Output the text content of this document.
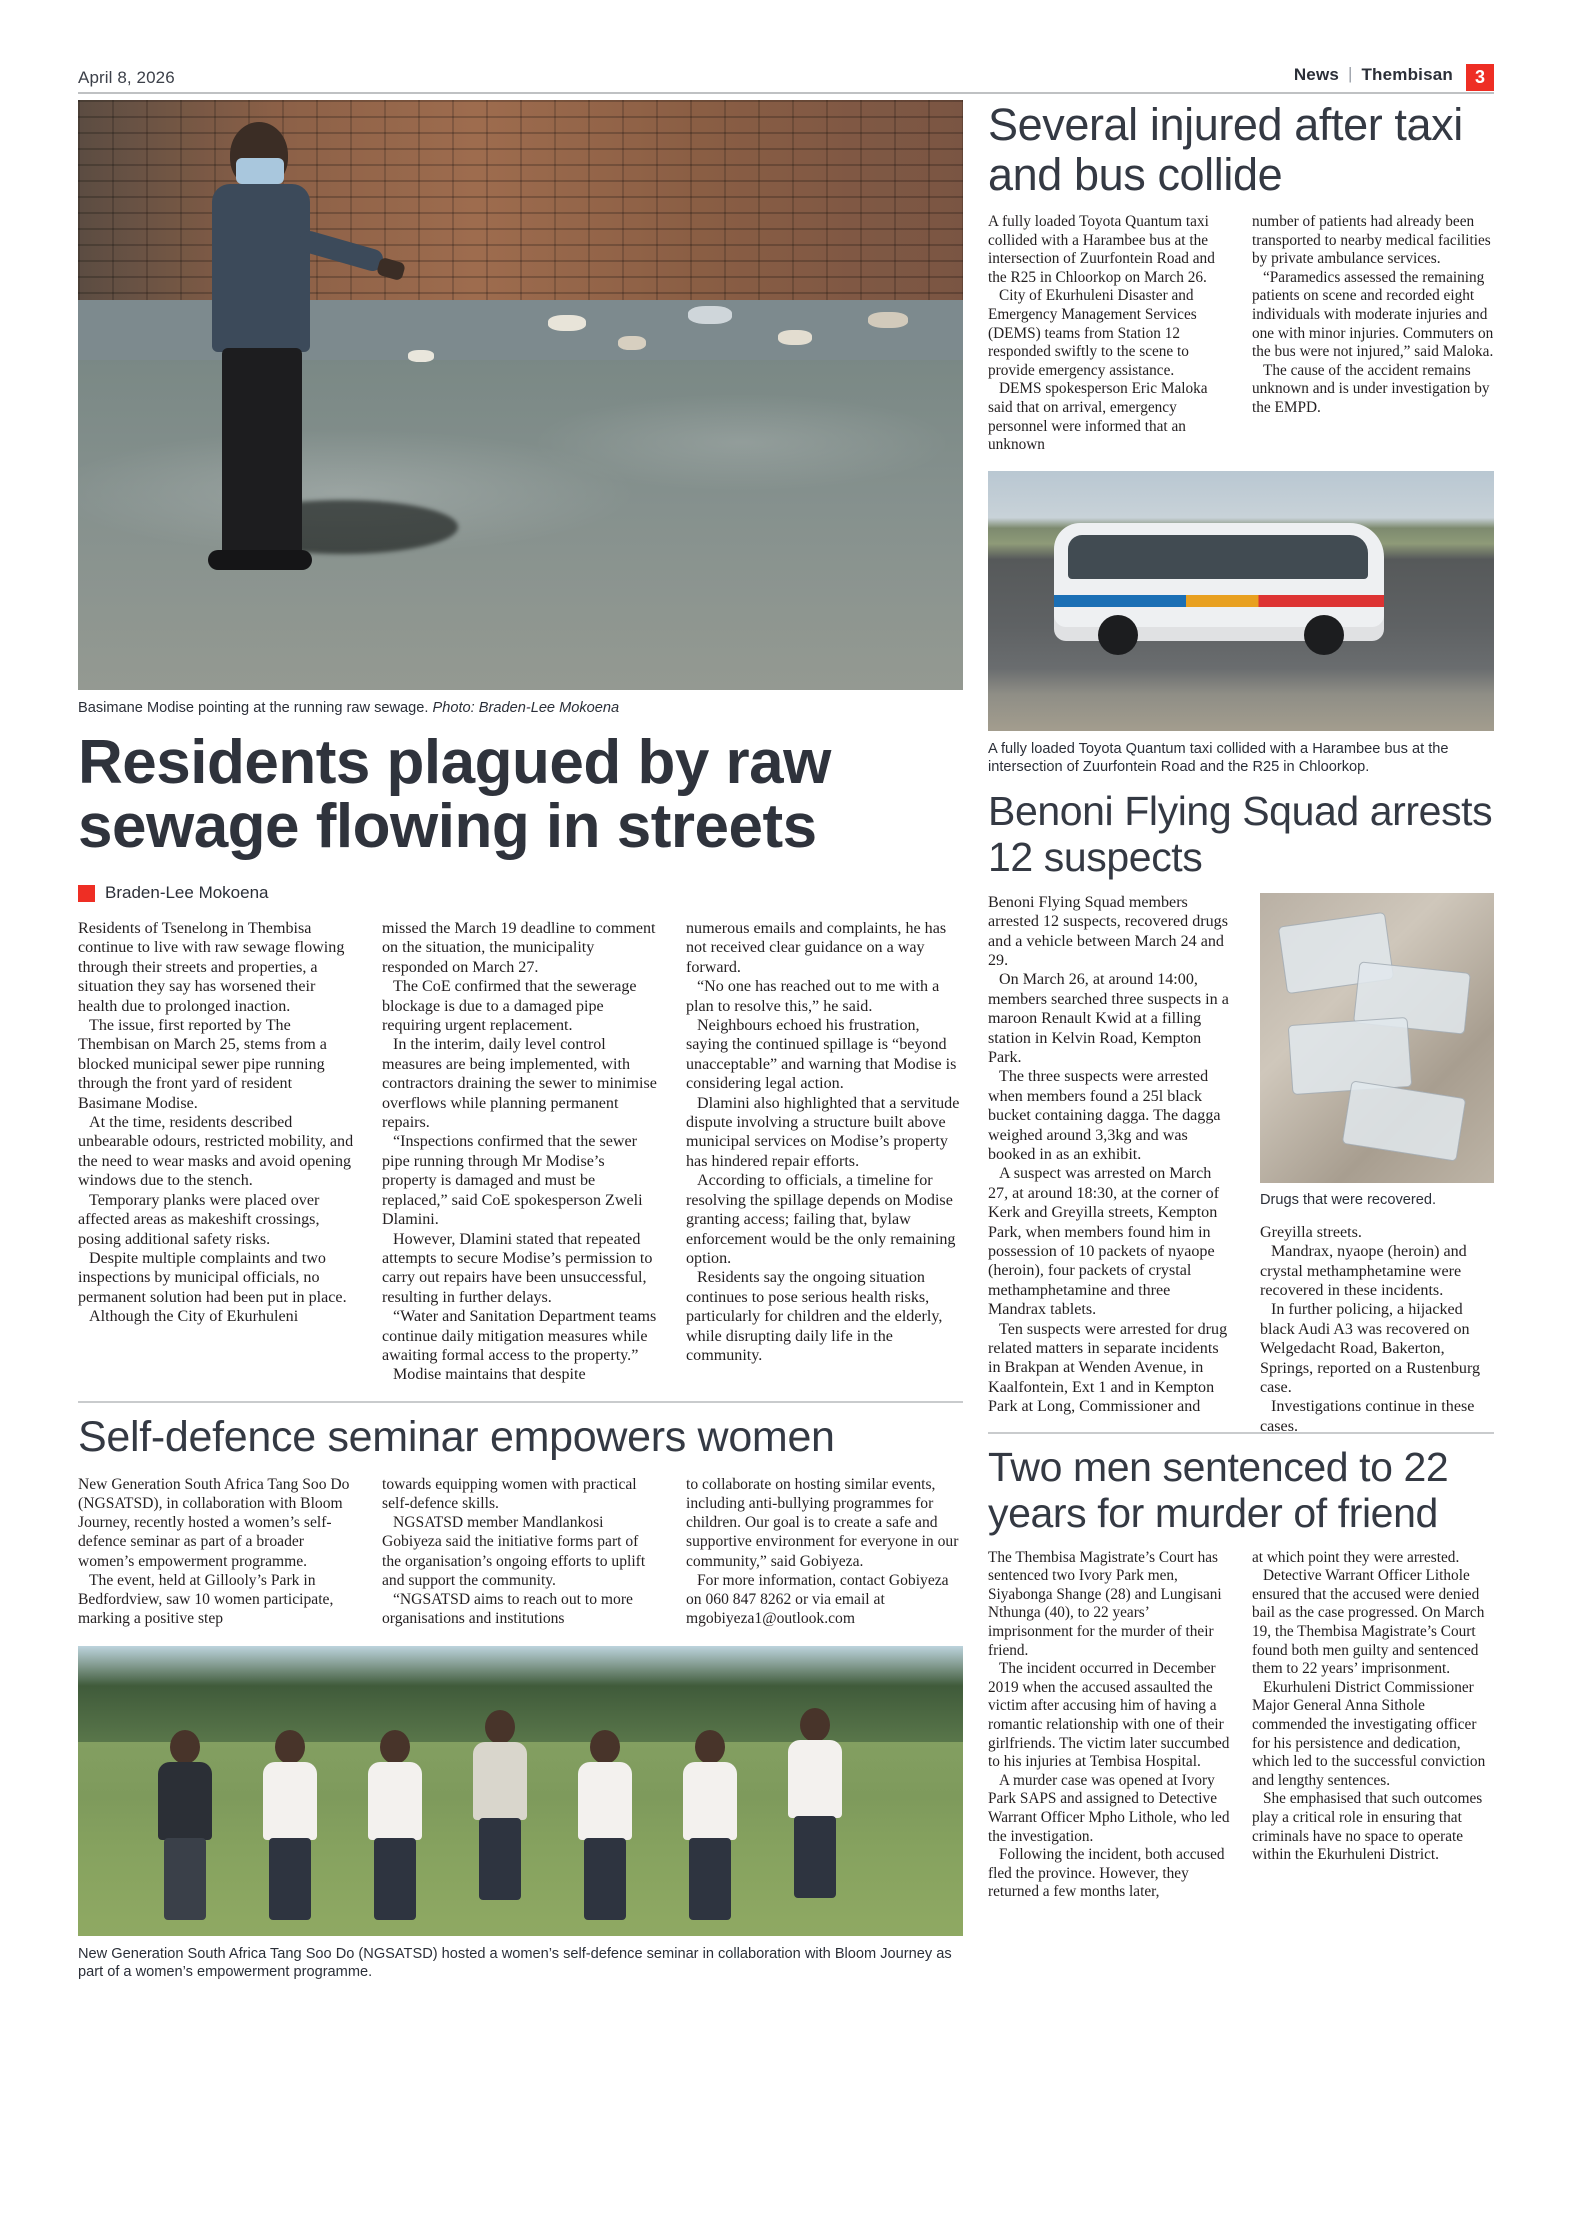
April 8, 2026	News | Thembisan	3
Basimane Modise pointing at the running raw sewage. Photo: Braden-Lee Mokoena
Residents plagued by raw sewage flowing in streets
Braden-Lee Mokoena

Residents of Tsenelong in Thembisa continue to live with raw sewage flowing through their streets and properties, a situation they say has worsened their health due to prolonged inaction.

The issue, first reported by The Thembisan on March 25, stems from a blocked municipal sewer pipe running through the front yard of resident Basimane Modise.

At the time, residents described unbearable odours, restricted mobility, and the need to wear masks and avoid opening windows due to the stench.

Temporary planks were placed over affected areas as makeshift crossings, posing additional safety risks.

Despite multiple complaints and two inspections by municipal officials, no permanent solution had been put in place.

Although the City of Ekurhuleni

missed the March 19 deadline to comment on the situation, the municipality responded on March 27.

The CoE confirmed that the sewerage blockage is due to a damaged pipe requiring urgent replacement.

In the interim, daily level control measures are being implemented, with contractors draining the sewer to minimise overflows while planning permanent repairs.

“Inspections confirmed that the sewer pipe running through Mr Modise’s property is damaged and must be replaced,” said CoE spokesperson Zweli Dlamini.

However, Dlamini stated that repeated attempts to secure Modise’s permission to carry out repairs have been unsuccessful, resulting in further delays.

“Water and Sanitation Department teams continue daily mitigation measures while awaiting formal access to the property.”

Modise maintains that despite

numerous emails and complaints, he has not received clear guidance on a way forward.

“No one has reached out to me with a plan to resolve this,” he said.

Neighbours echoed his frustration, saying the continued spillage is “beyond unacceptable” and warning that Modise is considering legal action.

Dlamini also highlighted that a servitude dispute involving a structure built above municipal services on Modise’s property has hindered repair efforts.

According to officials, a timeline for resolving the spillage depends on Modise granting access; failing that, bylaw enforcement would be the only remaining option.

Residents say the ongoing situation continues to pose serious health risks, particularly for children and the elderly, while disrupting daily life in the community.

Self-defence seminar empowers women

New Generation South Africa Tang Soo Do (NGSATSD), in collaboration with Bloom Journey, recently hosted a women’s self-defence seminar as part of a broader women’s empowerment programme.

The event, held at Gillooly’s Park in Bedfordview, saw 10 women participate, marking a positive step

towards equipping women with practical self-defence skills.

NGSATSD member Mandlankosi Gobiyeza said the initiative forms part of the organisation’s ongoing efforts to uplift and support the community.

“NGSATSD aims to reach out to more organisations and institutions

to collaborate on hosting similar events, including anti-bullying programmes for children. Our goal is to create a safe and supportive environment for everyone in our community,” said Gobiyeza.

For more information, contact Gobiyeza on 060 847 8262 or via email at mgobiyeza1@outlook.com

New Generation South Africa Tang Soo Do (NGSATSD) hosted a women’s self-defence seminar in collaboration with Bloom Journey as part of a women’s empowerment programme.
Several injured after taxi and bus collide

A fully loaded Toyota Quantum taxi collided with a Harambee bus at the intersection of Zuurfontein Road and the R25 in Chloorkop on March 26.

City of Ekurhuleni Disaster and Emergency Management Services (DEMS) teams from Station 12 responded swiftly to the scene to provide emergency assistance.

DEMS spokesperson Eric Maloka said that on arrival, emergency personnel were informed that an unknown

number of patients had already been transported to nearby medical facilities by private ambulance services.

“Paramedics assessed the remaining patients on scene and recorded eight individuals with moderate injuries and one with minor injuries. Commuters on the bus were not injured,” said Maloka.

The cause of the accident remains unknown and is under investigation by the EMPD.

A fully loaded Toyota Quantum taxi collided with a Harambee bus at the intersection of Zuurfontein Road and the R25 in Chloorkop.
Benoni Flying Squad arrests 12 suspects

Benoni Flying Squad members arrested 12 suspects, recovered drugs and a vehicle between March 24 and 29.

On March 26, at around 14:00, members searched three suspects in a maroon Renault Kwid at a filling station in Kelvin Road, Kempton Park.

The three suspects were arrested when members found a 25l black bucket containing dagga. The dagga weighed around 3,3kg and was booked in as an exhibit.

A suspect was arrested on March 27, at around 18:30, at the corner of Kerk and Greyilla streets, Kempton Park, when members found him in possession of 10 packets of nyaope (heroin), four packets of crystal methamphetamine and three Mandrax tablets.

Ten suspects were arrested for drug related matters in separate incidents in Brakpan at Wenden Avenue, in Kaalfontein, Ext 1 and in Kempton Park at Long, Commissioner and

Drugs that were recovered.

Greyilla streets.

Mandrax, nyaope (heroin) and crystal methamphetamine were recovered in these incidents.

In further policing, a hijacked black Audi A3 was recovered on Welgedacht Road, Bakerton, Springs, reported on a Rustenburg case.

Investigations continue in these cases.

Two men sentenced to 22 years for murder of friend

The Thembisa Magistrate’s Court has sentenced two Ivory Park men, Siyabonga Shange (28) and Lungisani Nthunga (40), to 22 years’ imprisonment for the murder of their friend.

The incident occurred in December 2019 when the accused assaulted the victim after accusing him of having a romantic relationship with one of their girlfriends. The victim later succumbed to his injuries at Tembisa Hospital.

A murder case was opened at Ivory Park SAPS and assigned to Detective Warrant Officer Mpho Lithole, who led the investigation.

Following the incident, both accused fled the province. However, they returned a few months later,

at which point they were arrested.

Detective Warrant Officer Lithole ensured that the accused were denied bail as the case progressed. On March 19, the Thembisa Magistrate’s Court found both men guilty and sentenced them to 22 years’ imprisonment.

Ekurhuleni District Commissioner Major General Anna Sithole commended the investigating officer for his persistence and dedication, which led to the successful conviction and lengthy sentences.

She emphasised that such outcomes play a critical role in ensuring that criminals have no space to operate within the Ekurhuleni District.
